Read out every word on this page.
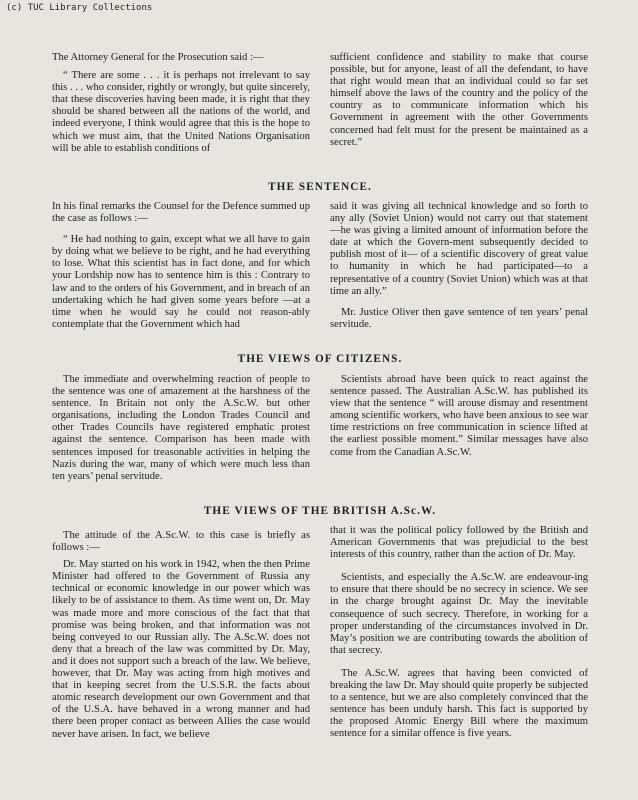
(c) TUC Library Collections

The Attorney General for the Prosecution said :—

“ There are some . . . it is perhaps not irrelevant to say this . . . who consider, rightly or wrongly, but quite sincerely, that these discoveries having been made, it is right that they should be shared between all the nations of the world, and indeed everyone, I think would agree that this is the hope to which we must aim, that the United Nations Organisation will be able to establish conditions of

sufficient confidence and stability to make that course possible, but for anyone, least of all the defendant, to have that right would mean that an individual could so far set himself above the laws of the country and the policy of the country as to communicate information which his Government in agreement with the other Governments concerned had felt must for the present be maintained as a secret.”

THE SENTENCE.

In his final remarks the Counsel for the Defence summed up the case as follows :—

“ He had nothing to gain, except what we all have to gain by doing what we believe to be right, and he had everything to lose. What this scientist has in fact done, and for which your Lordship now has to sentence him is this : Contrary to law and to the orders of his Government, and in breach of an undertaking which he had given some years before —at a time when he would say he could not reason-ably contemplate that the Government which had

said it was giving all technical knowledge and so forth to any ally (Soviet Union) would not carry out that statement—he was giving a limited amount of information before the date at which the Govern-ment subsequently decided to publish most of it— of a scientific discovery of great value to humanity in which he had participated—to a representative of a country (Soviet Union) which was at that time an ally.”

Mr. Justice Oliver then gave sentence of ten years’ penal servitude.

THE VIEWS OF CITIZENS.

The immediate and overwhelming reaction of people to the sentence was one of amazement at the harshness of the sentence. In Britain not only the A.Sc.W. but other organisations, including the London Trades Council and other Trades Councils have registered emphatic protest against the sentence. Comparison has been made with sentences imposed for treasonable activities in helping the Nazis during the war, many of which were much less than ten years’ penal servitude.

Scientists abroad have been quick to react against the sentence passed. The Australian A.Sc.W. has published its view that the sentence “ will arouse dismay and resentment among scientific workers, who have been anxious to see war time restrictions on free communication in science lifted at the earliest possible moment.” Similar messages have also come from the Canadian A.Sc.W.

THE VIEWS OF THE BRITISH A.Sc.W.

The attitude of the A.Sc.W. to this case is briefly as follows :—

Dr. May started on his work in 1942, when the then Prime Minister had offered to the Government of Russia any technical or economic knowledge in our power which was likely to be of assistance to them. As time went on, Dr. May was made more and more conscious of the fact that that promise was being broken, and that information was not being conveyed to our Russian ally. The A.Sc.W. does not deny that a breach of the law was committed by Dr. May, and it does not support such a breach of the law. We believe, however, that Dr. May was acting from high motives and that in keeping secret from the U.S.S.R. the facts about atomic research development our own Government and that of the U.S.A. have behaved in a wrong manner and had there been proper contact as between Allies the case would never have arisen. In fact, we believe

that it was the political policy followed by the British and American Governments that was prejudicial to the best interests of this country, rather than the action of Dr. May.

Scientists, and especially the A.Sc.W. are endeavour-ing to ensure that there should be no secrecy in science. We see in the charge brought against Dr. May the inevitable consequence of such secrecy. Therefore, in working for a proper understanding of the circumstances involved in Dr. May’s position we are contributing towards the abolition of that secrecy.

The A.Sc.W. agrees that having been convicted of breaking the law Dr. May should quite properly be subjected to a sentence, but we are also completely convinced that the sentence has been unduly harsh. This fact is supported by the proposed Atomic Energy Bill where the maximum sentence for a similar offence is five years.
